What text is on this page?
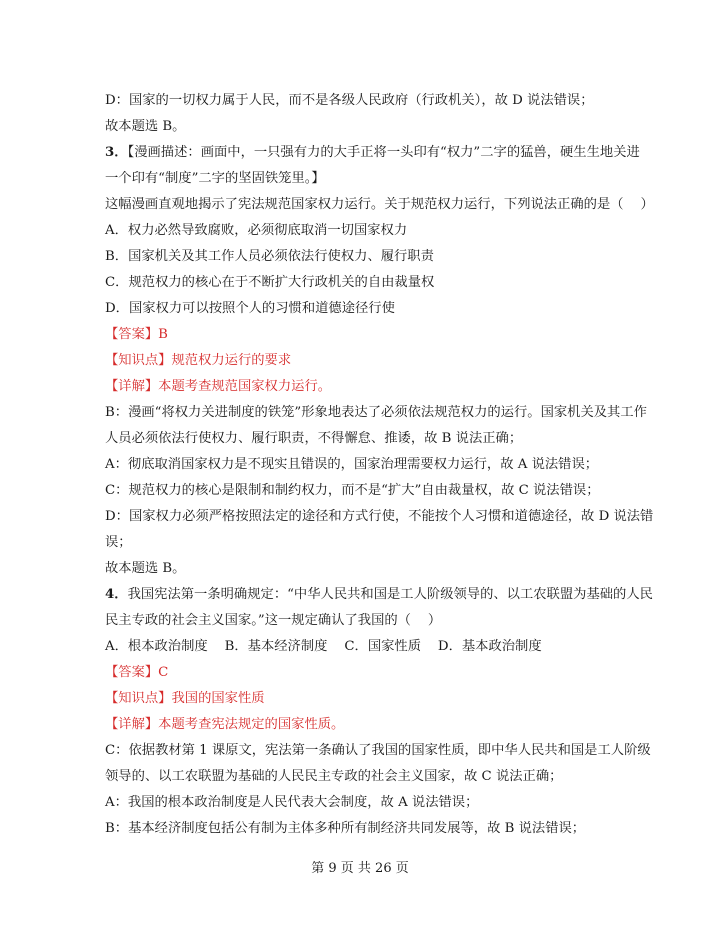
D：国家的一切权力属于人民，而不是各级人民政府（行政机关），故 D 说法错误；

故本题选 B。

3．【漫画描述：画面中，一只强有力的大手正将一头印有“权力”二字的猛兽，硬生生地关进

一个印有“制度”二字的坚固铁笼里。】

这幅漫画直观地揭示了宪法规范国家权力运行。关于规范权力运行，下列说法正确的是（    ）

A．权力必然导致腐败，必须彻底取消一切国家权力

B．国家机关及其工作人员必须依法行使权力、履行职责

C．规范权力的核心在于不断扩大行政机关的自由裁量权

D．国家权力可以按照个人的习惯和道德途径行使

【答案】B

【知识点】规范权力运行的要求

【详解】本题考查规范国家权力运行。

B：漫画“将权力关进制度的铁笼”形象地表达了必须依法规范权力的运行。国家机关及其工作

人员必须依法行使权力、履行职责，不得懈怠、推诿，故 B 说法正确；

A：彻底取消国家权力是不现实且错误的，国家治理需要权力运行，故 A 说法错误；

C：规范权力的核心是限制和制约权力，而不是“扩大”自由裁量权，故 C 说法错误；

D：国家权力必须严格按照法定的途径和方式行使，不能按个人习惯和道德途径，故 D 说法错

误；

故本题选 B。

4．我国宪法第一条明确规定：“中华人民共和国是工人阶级领导的、以工农联盟为基础的人民

民主专政的社会主义国家。”这一规定确认了我国的（    ）

A．根本政治制度    B．基本经济制度    C．国家性质    D．基本政治制度

【答案】C

【知识点】我国的国家性质

【详解】本题考查宪法规定的国家性质。

C：依据教材第 1 课原文，宪法第一条确认了我国的国家性质，即中华人民共和国是工人阶级

领导的、以工农联盟为基础的人民民主专政的社会主义国家，故 C 说法正确；

A：我国的根本政治制度是人民代表大会制度，故 A 说法错误；

B：基本经济制度包括公有制为主体多种所有制经济共同发展等，故 B 说法错误；

第 9 页 共 26 页
